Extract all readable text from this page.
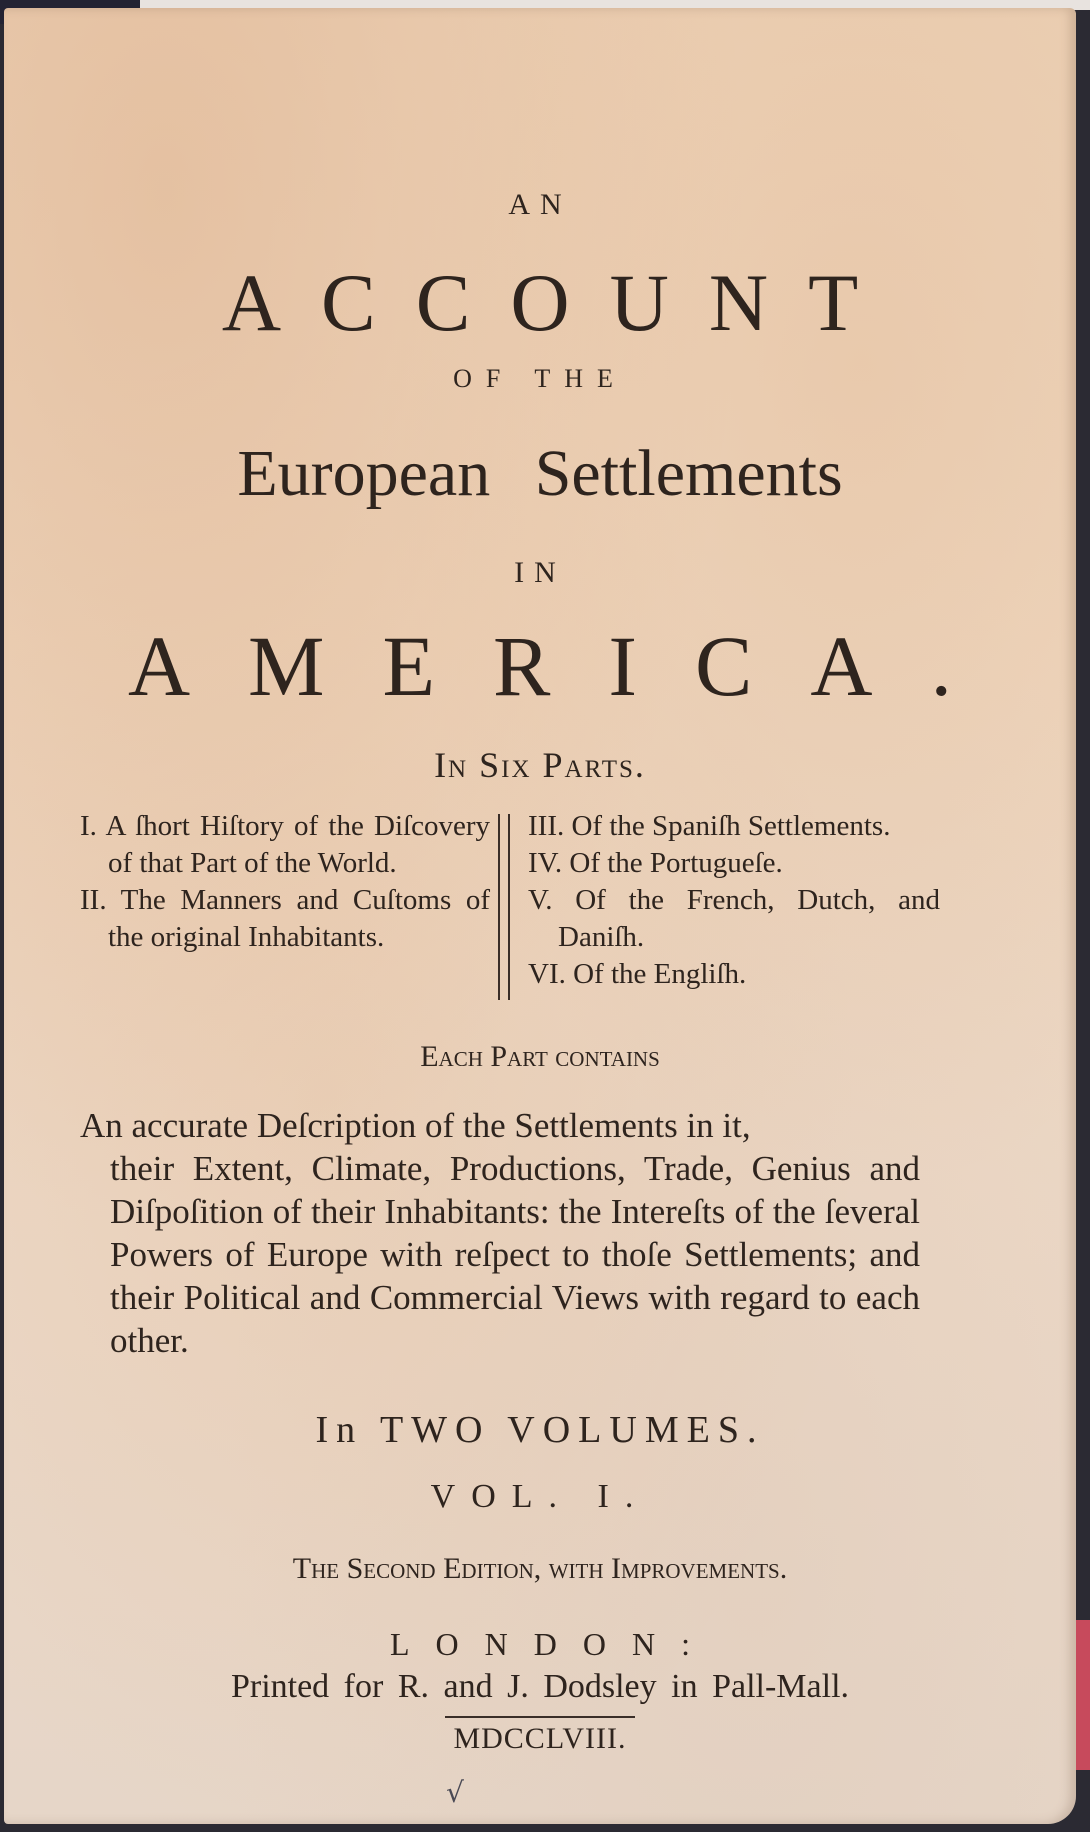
AN
ACCOUNT
OF THE
European Settlements
IN
AMERICA.
In Six Parts.
I. A ſhort Hiſtory of the Diſcovery of that Part of the World.
II. The Manners and Cuſtoms of the original Inhabitants.
III. Of the Spaniſh Settlements.
IV. Of the Portugueſe.
V. Of the French, Dutch, and Daniſh.
VI. Of the Engliſh.
Each Part contains
An accurate Deſcription of the Settlements in it,
their Extent, Climate, Productions, Trade, Genius and Diſpoſition of their Inhabitants: the Intereſts of the ſeveral Powers of Europe with reſpect to thoſe Settlements; and their Political and Commercial Views with regard to each other.
In TWO VOLUMES.
VOL. I.
The Second Edition, with Improvements.
LONDON:
Printed for R. and J. Dodsley in Pall-Mall.
MDCCLVIII.
√
